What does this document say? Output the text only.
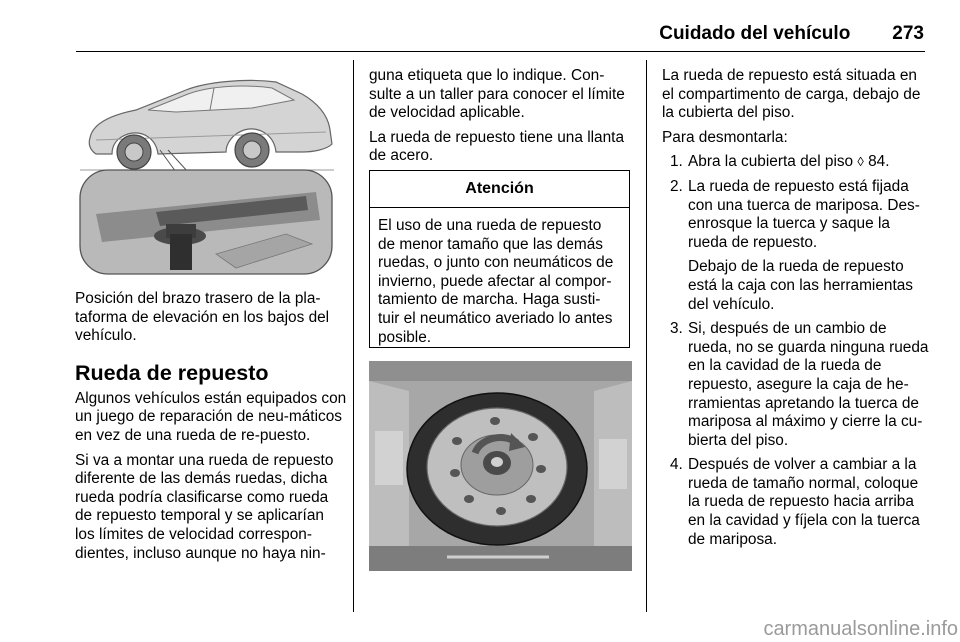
Cuidado del vehículo 273

Posición del brazo trasero de la pla-taforma de elevación en los bajos del vehículo.

Rueda de repuesto

Algunos vehículos están equipados con un juego de reparación de neu-máticos en vez de una rueda de re-puesto.

Si va a montar una rueda de repuesto diferente de las demás ruedas, dicha rueda podría clasificarse como rueda de repuesto temporal y se aplicarían los límites de velocidad correspon-dientes, incluso aunque no haya nin-

guna etiqueta que lo indique. Con-sulte a un taller para conocer el límite de velocidad aplicable.

La rueda de repuesto tiene una llanta de acero.

Atención
El uso de una rueda de repuesto de menor tamaño que las demás ruedas, o junto con neumáticos de invierno, puede afectar al compor-tamiento de marcha. Haga susti-tuir el neumático averiado lo antes posible.

La rueda de repuesto está situada en el compartimento de carga, debajo de la cubierta del piso.

Para desmontarla:

1. Abra la cubierta del piso ◊ 84.
2. La rueda de repuesto está fijada con una tuerca de mariposa. Des-enrosque la tuerca y saque la rueda de repuesto.

Debajo de la rueda de repuesto está la caja con las herramientas del vehículo.

3. Si, después de un cambio de rueda, no se guarda ninguna rueda en la cavidad de la rueda de repuesto, asegure la caja de he-rramientas apretando la tuerca de mariposa al máximo y cierre la cu-bierta del piso.

4. Después de volver a cambiar a la rueda de tamaño normal, coloque la rueda de repuesto hacia arriba en la cavidad y fíjela con la tuerca de mariposa.

carmanualsonline.info
